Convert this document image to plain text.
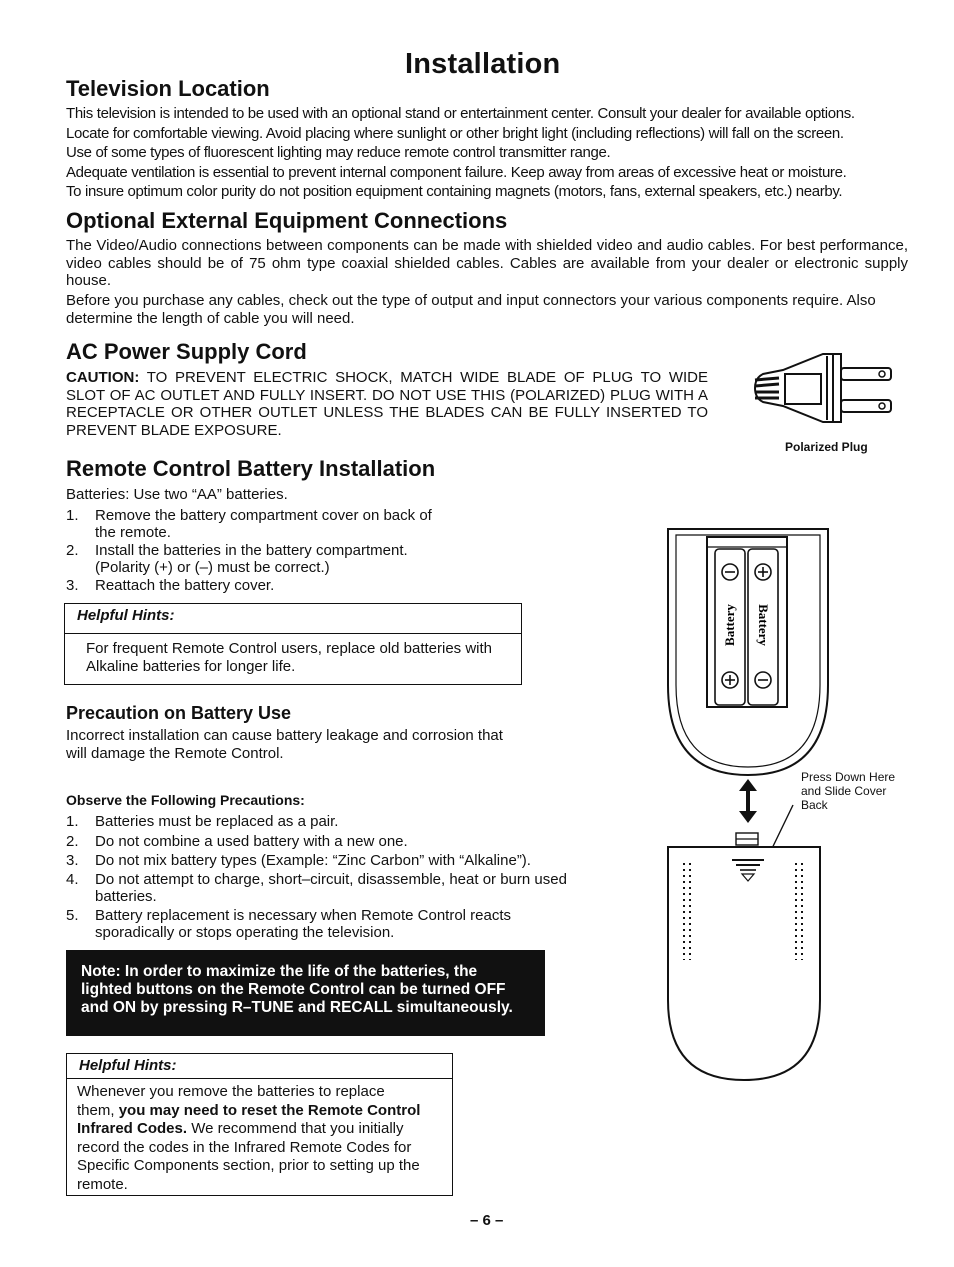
Installation
Television Location
This television is intended to be used with an optional stand or entertainment center. Consult your dealer for available options.
Locate for comfortable viewing. Avoid placing where sunlight or other bright light (including reflections) will fall on the screen.
Use of some types of fluorescent lighting may reduce remote control transmitter range.
Adequate ventilation is essential to prevent internal component failure. Keep away from areas of excessive heat or moisture.
To insure optimum color purity do not position equipment containing magnets (motors, fans, external speakers, etc.) nearby.
Optional External Equipment Connections

The Video/Audio connections between components can be made with shielded video and audio cables. For best performance, video cables should be of 75 ohm type coaxial shielded cables. Cables are available from your dealer or electronic supply house.

Before you purchase any cables, check out the type of output and input connectors your various components require. Also determine the length of cable you will need.

AC Power Supply Cord

CAUTION: TO PREVENT ELECTRIC SHOCK, MATCH WIDE BLADE OF PLUG TO WIDE SLOT OF AC OUTLET AND FULLY INSERT. DO NOT USE THIS (POLARIZED) PLUG WITH A RECEPTACLE OR OTHER OUTLET UNLESS THE BLADES CAN BE FULLY INSERTED TO PREVENT BLADE EXPOSURE.

Polarized Plug
Remote Control Battery Installation
Batteries: Use two “AA” batteries.
1. Remove the battery compartment cover on back of
the remote.
2. Install the batteries in the battery compartment.
(Polarity (+) or (–) must be correct.)
3. Reattach the battery cover.
Helpful Hints:
For frequent Remote Control users, replace old batteries with Alkaline batteries for longer life.
Precaution on Battery Use

Incorrect installation can cause battery leakage and corrosion that will damage the Remote Control.

Observe the Following Precautions:
1. Batteries must be replaced as a pair.
2. Do not combine a used battery with a new one.
3. Do not mix battery types (Example: “Zinc Carbon” with “Alkaline”).
4. Do not attempt to charge, short–circuit, disassemble, heat or burn used
batteries.
5. Battery replacement is necessary when Remote Control reacts
sporadically or stops operating the television.
Note: In order to maximize the life of the batteries, the
lighted buttons on the Remote Control can be turned OFF
and ON by pressing R–TUNE and RECALL simultaneously.
Helpful Hints:
Whenever you remove the batteries to replace
them, you may need to reset the Remote Control
Infrared Codes. We recommend that you initially
record the codes in the Infrared Remote Codes for
Specific Components section, prior to setting up the
remote.
Battery Battery
Press Down Here
and Slide Cover
Back
– 6 –
